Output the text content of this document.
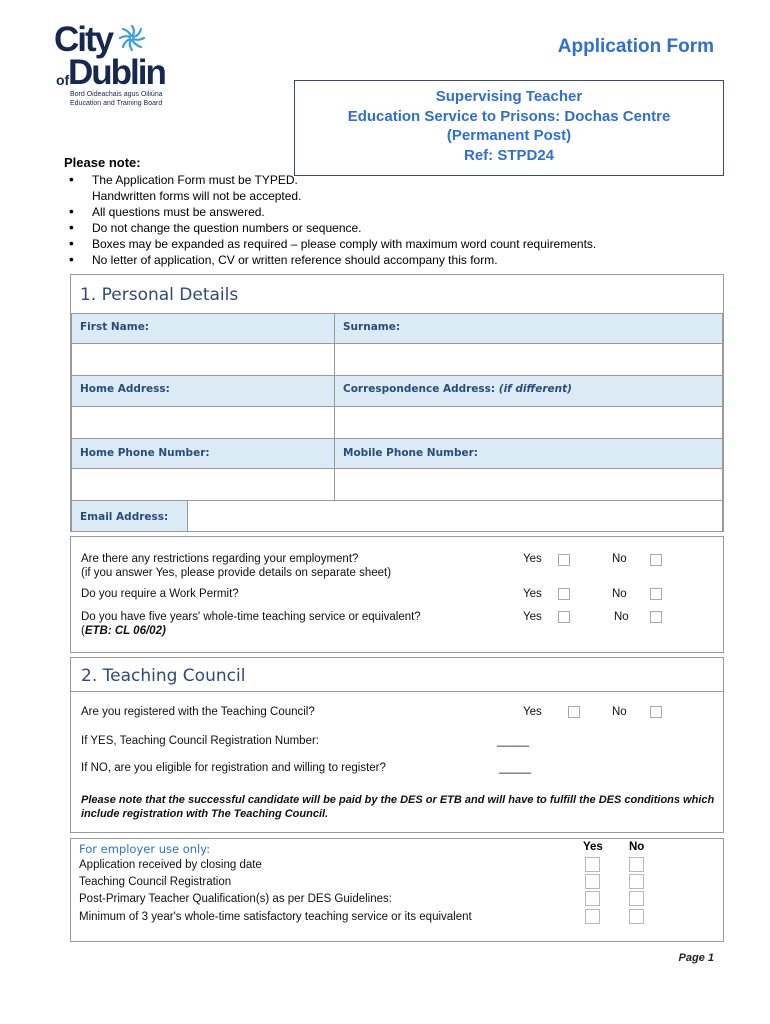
City
Dublin
of
Bord Oideachais agus Oiliúna Education and Training Board
Application Form
Supervising Teacher
Education Service to Prisons: Dochas Centre
(Permanent Post)
Ref: STPD24
Please note:
• The Application Form must be TYPED. Handwritten forms will not be accepted.
• All questions must be answered.
• Do not change the question numbers or sequence.
• Boxes may be expanded as required – please comply with maximum word count requirements.
• No letter of application, CV or written reference should accompany this form.
1. Personal Details
First Name:	Surname:
Home Address:	Correspondence Address: (if different)
Home Phone Number:	Mobile Phone Number:
Email Address:
Are there any restrictions regarding your employment?
(if you answer Yes, please provide details on separate sheet)
Yes	No
Do you require a Work Permit?	Yes	No
Do you have five years' whole-time teaching service or equivalent?
(ETB: CL 06/02)
Yes	No
2. Teaching Council
Are you registered with the Teaching Council?	Yes	No
If YES, Teaching Council Registration Number:	_____
If NO, are you eligible for registration and willing to register?	_____
Please note that the successful candidate will be paid by the DES or ETB and will have to fulfill the DES conditions which include registration with The Teaching Council.
For employer use only:	Yes No
Application received by closing date
Teaching Council Registration
Post-Primary Teacher Qualification(s) as per DES Guidelines:
Minimum of 3 year's whole-time satisfactory teaching service or its equivalent
Page 1
